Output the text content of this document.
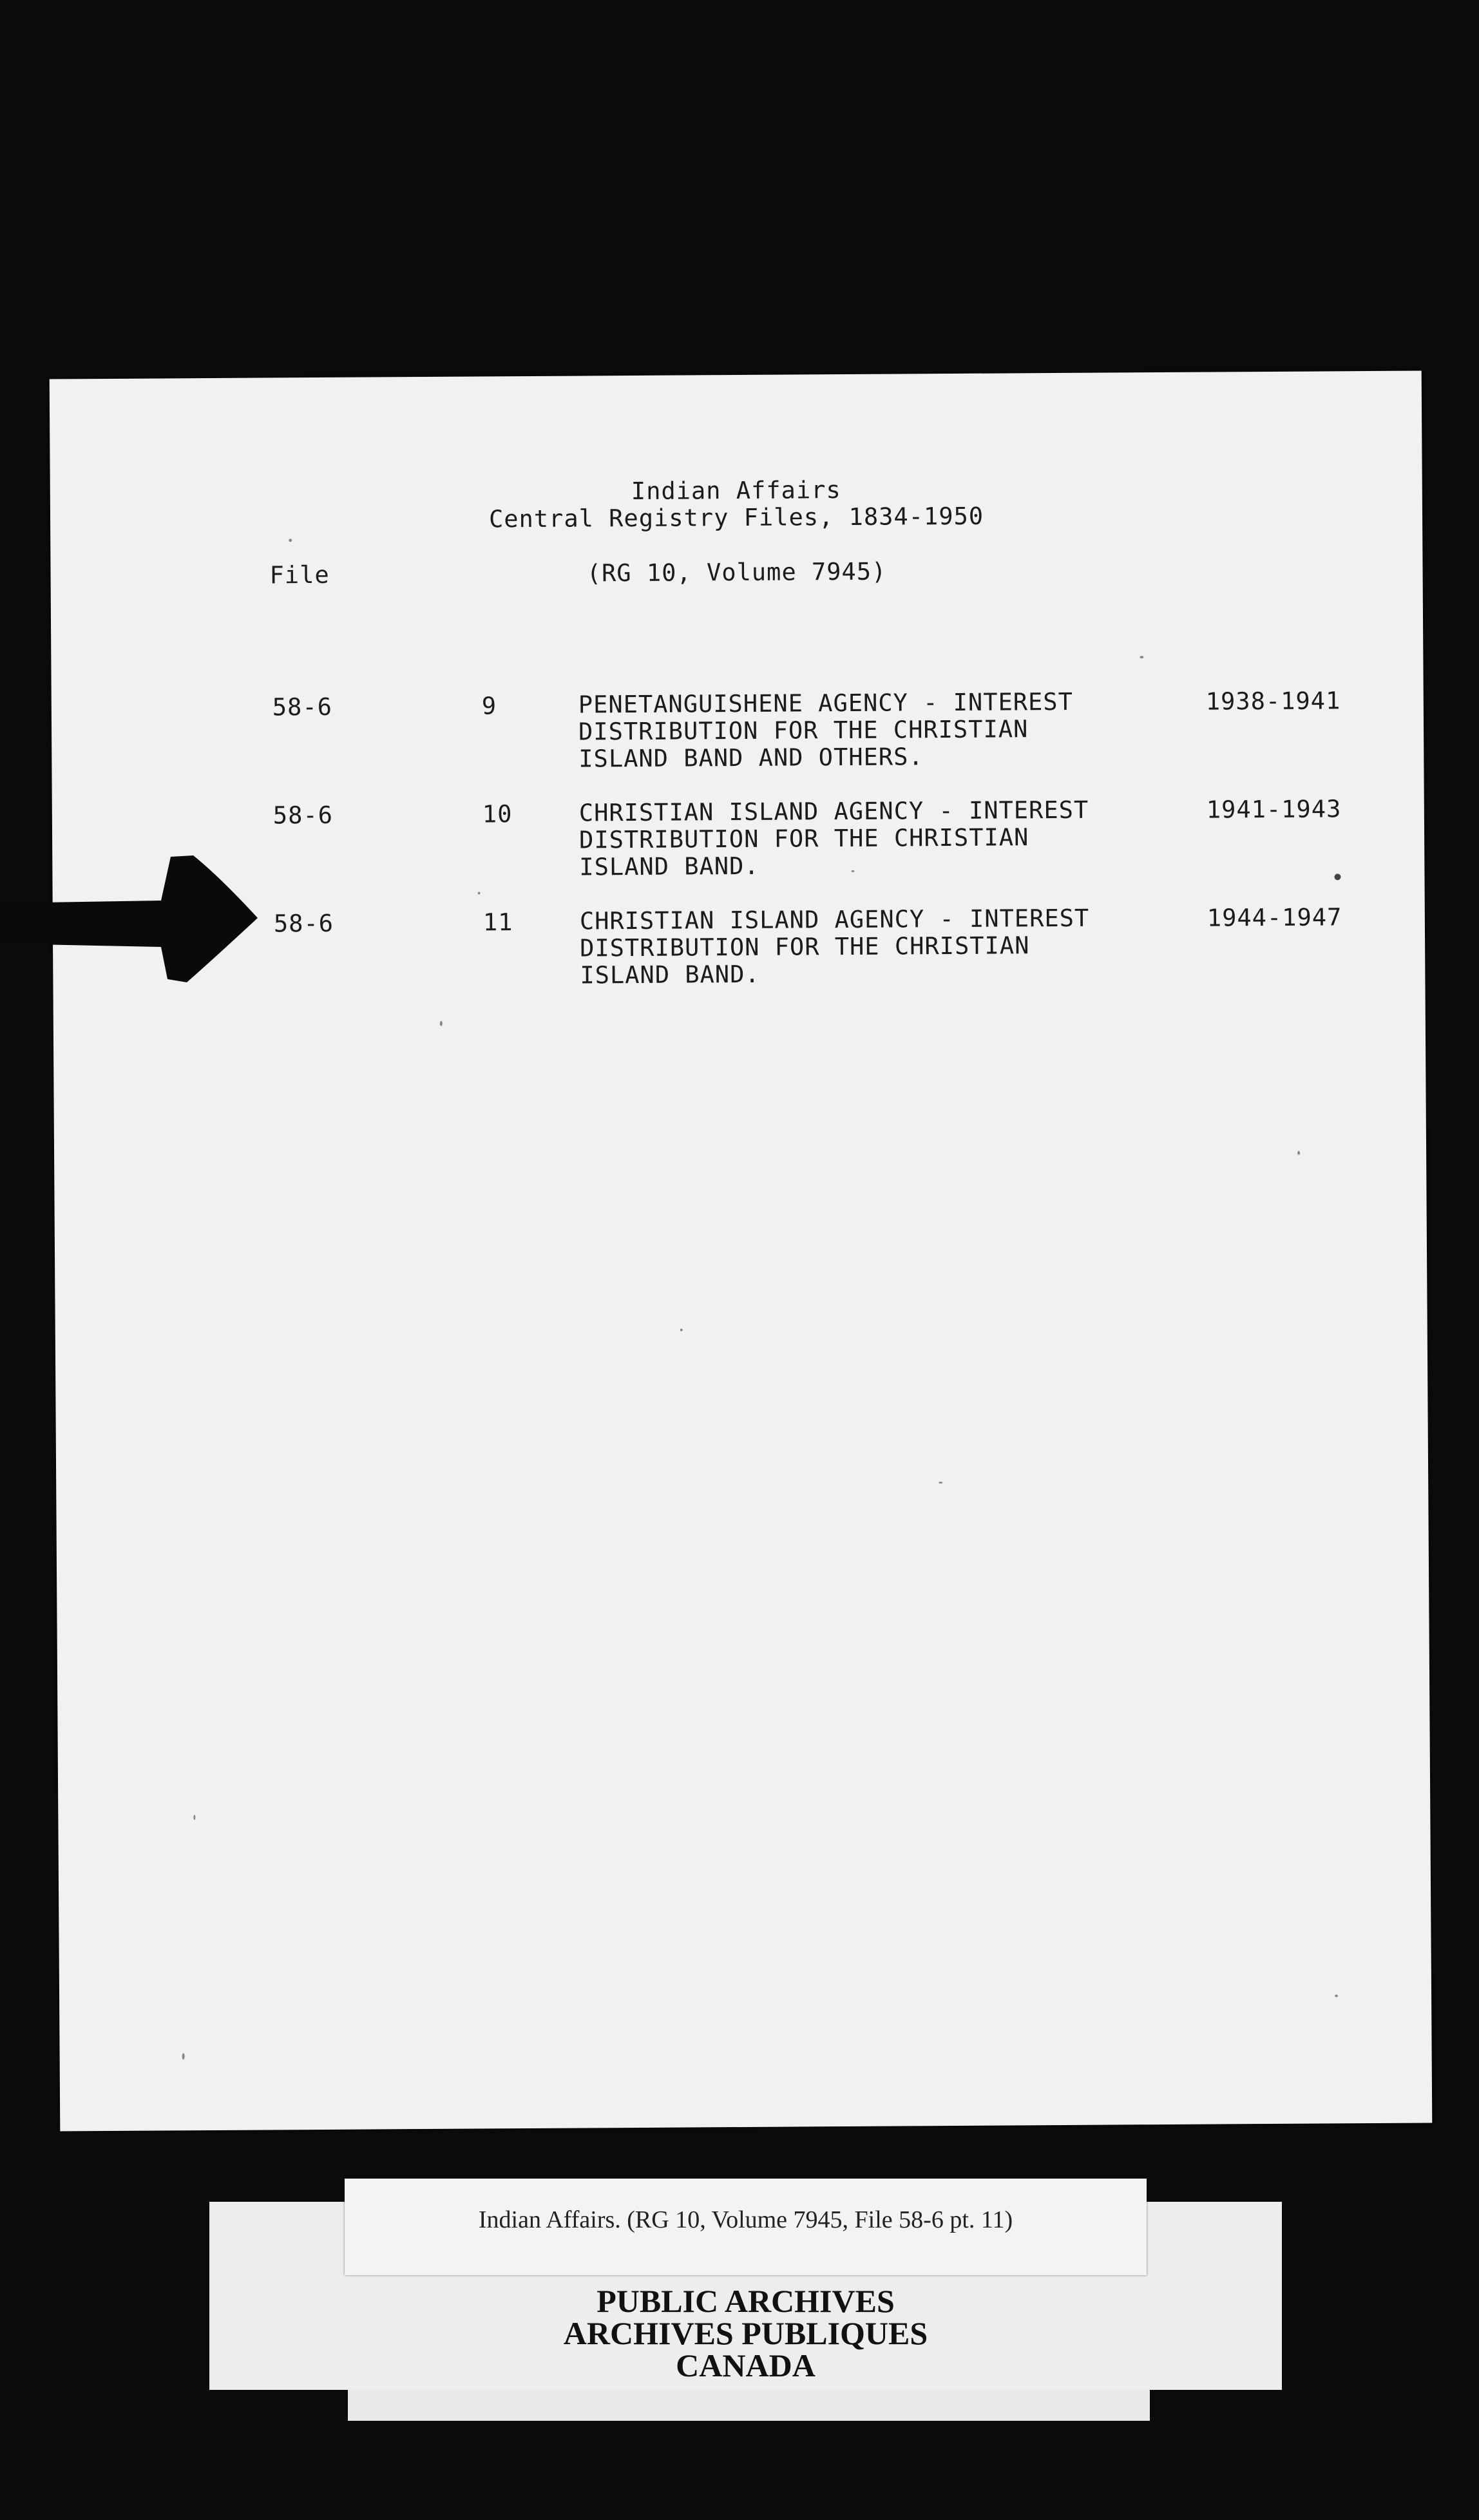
Indian Affairs
Central Registry Files, 1834-1950
File	(RG 10, Volume 7945)
58-6	9	PENETANGUISHENE AGENCY - INTEREST
DISTRIBUTION FOR THE CHRISTIAN
ISLAND BAND AND OTHERS.
1938-1941
58-6	10	CHRISTIAN ISLAND AGENCY - INTEREST
DISTRIBUTION FOR THE CHRISTIAN
ISLAND BAND.
1941-1943
58-6	11	CHRISTIAN ISLAND AGENCY - INTEREST
DISTRIBUTION FOR THE CHRISTIAN
ISLAND BAND.
1944-1947
PUBLIC ARCHIVES
ARCHIVES PUBLIQUES
CANADA
Indian Affairs. (RG 10, Volume 7945, File 58-6 pt. 11)
